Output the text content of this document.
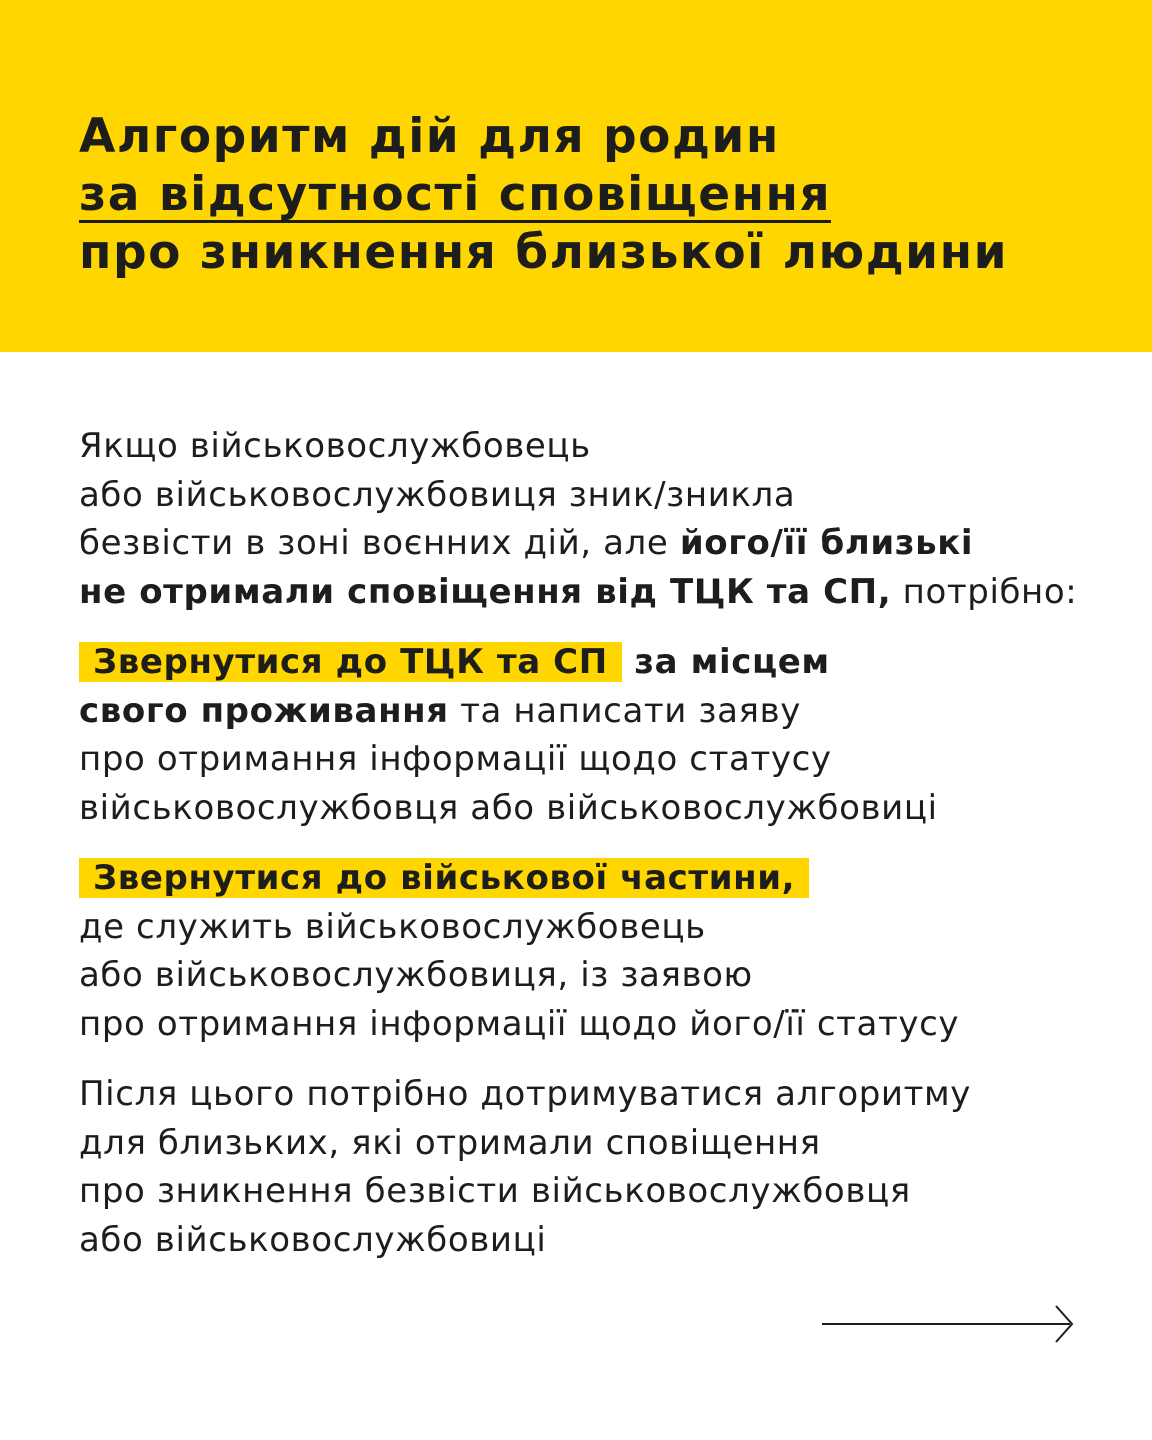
Алгоритм дій для родин
за відсутності сповіщення
про зникнення близької людини

Якщо військовослужбовець
або військовослужбовиця зник/зникла
безвісти в зоні воєнних дій, але його/її близькі
не отримали сповіщення від ТЦК та СП, потрібно:

Звернутися до ТЦК та СП за місцем
свого проживання та написати заяву
про отримання інформації щодо статусу
військовослужбовця або військовослужбовиці

Звернутися до військової частини,
де служить військовослужбовець
або військовослужбовиця, із заявою
про отримання інформації щодо його/її статусу

Після цього потрібно дотримуватися алгоритму
для близьких, які отримали сповіщення
про зникнення безвісти військовослужбовця
або військовослужбовиці
